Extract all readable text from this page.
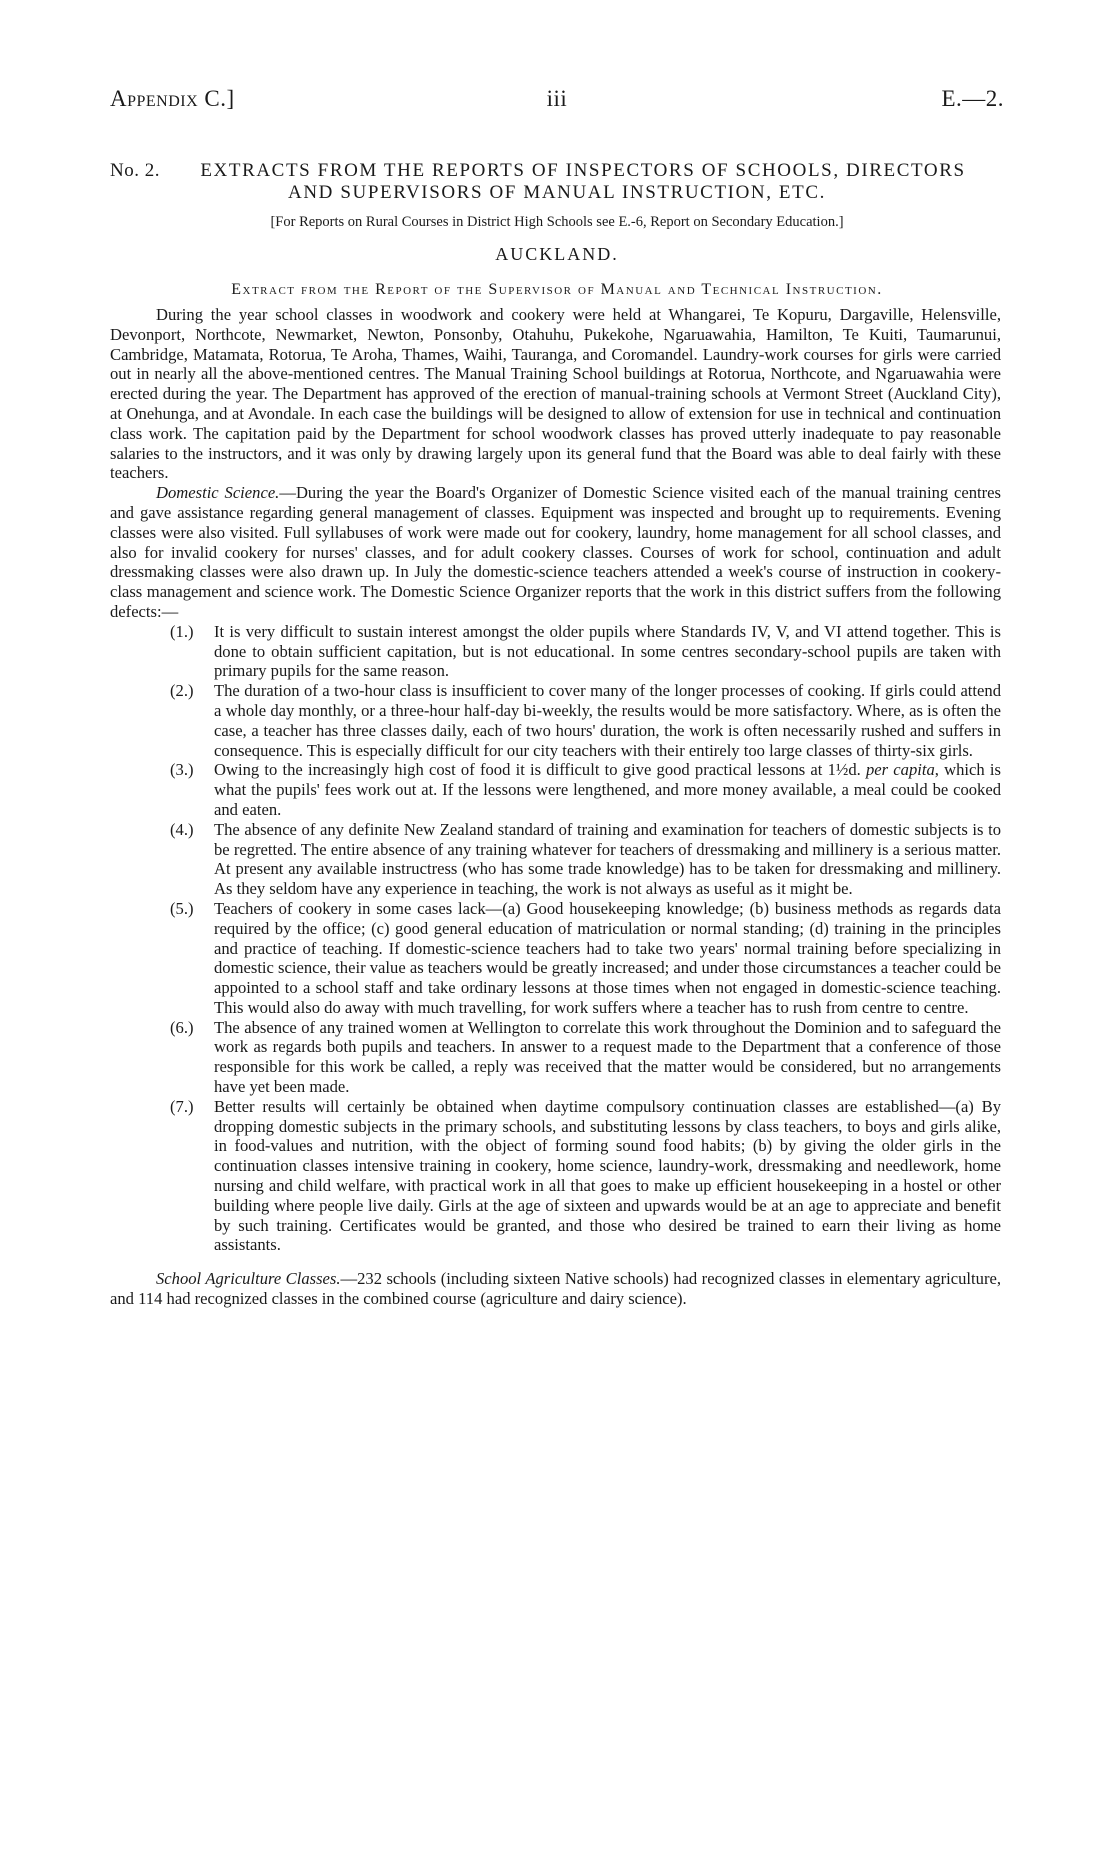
Appendix C.]	iii	E.—2.
No. 2.	EXTRACTS FROM THE REPORTS OF INSPECTORS OF SCHOOLS, DIRECTORS
AND SUPERVISORS OF MANUAL INSTRUCTION, ETC.
[For Reports on Rural Courses in District High Schools see E.-6, Report on Secondary Education.]
AUCKLAND.
Extract from the Report of the Supervisor of Manual and Technical Instruction.

During the year school classes in woodwork and cookery were held at Whangarei, Te Kopuru, Dargaville, Helensville, Devonport, Northcote, Newmarket, Newton, Ponsonby, Otahuhu, Pukekohe, Ngaruawahia, Hamilton, Te Kuiti, Taumarunui, Cambridge, Matamata, Rotorua, Te Aroha, Thames, Waihi, Tauranga, and Coromandel. Laundry-work courses for girls were carried out in nearly all the above-mentioned centres. The Manual Training School buildings at Rotorua, Northcote, and Ngaruawahia were erected during the year. The Department has approved of the erection of manual-training schools at Vermont Street (Auckland City), at Onehunga, and at Avondale. In each case the buildings will be designed to allow of extension for use in technical and continuation class work. The capitation paid by the Department for school woodwork classes has proved utterly inadequate to pay reasonable salaries to the instructors, and it was only by drawing largely upon its general fund that the Board was able to deal fairly with these teachers.

Domestic Science.—During the year the Board's Organizer of Domestic Science visited each of the manual training centres and gave assistance regarding general management of classes. Equipment was inspected and brought up to requirements. Evening classes were also visited. Full syllabuses of work were made out for cookery, laundry, home management for all school classes, and also for invalid cookery for nurses' classes, and for adult cookery classes. Courses of work for school, continuation and adult dressmaking classes were also drawn up. In July the domestic-science teachers attended a week's course of instruction in cookery-class management and science work. The Domestic Science Organizer reports that the work in this district suffers from the following defects:—

(1.) It is very difficult to sustain interest amongst the older pupils where Standards IV, V, and VI attend together. This is done to obtain sufficient capitation, but is not educational. In some centres secondary-school pupils are taken with primary pupils for the same reason.

(2.) The duration of a two-hour class is insufficient to cover many of the longer processes of cooking. If girls could attend a whole day monthly, or a three-hour half-day bi-weekly, the results would be more satisfactory. Where, as is often the case, a teacher has three classes daily, each of two hours' duration, the work is often necessarily rushed and suffers in consequence. This is especially difficult for our city teachers with their entirely too large classes of thirty-six girls.

(3.) Owing to the increasingly high cost of food it is difficult to give good practical lessons at 1½d. per capita, which is what the pupils' fees work out at. If the lessons were lengthened, and more money available, a meal could be cooked and eaten.

(4.) The absence of any definite New Zealand standard of training and examination for teachers of domestic subjects is to be regretted. The entire absence of any training whatever for teachers of dressmaking and millinery is a serious matter. At present any available instructress (who has some trade knowledge) has to be taken for dressmaking and millinery. As they seldom have any experience in teaching, the work is not always as useful as it might be.

(5.) Teachers of cookery in some cases lack—(a) Good housekeeping knowledge; (b) business methods as regards data required by the office; (c) good general education of matriculation or normal standing; (d) training in the principles and practice of teaching. If domestic-science teachers had to take two years' normal training before specializing in domestic science, their value as teachers would be greatly increased; and under those circumstances a teacher could be appointed to a school staff and take ordinary lessons at those times when not engaged in domestic-science teaching. This would also do away with much travelling, for work suffers where a teacher has to rush from centre to centre.

(6.) The absence of any trained women at Wellington to correlate this work throughout the Dominion and to safeguard the work as regards both pupils and teachers. In answer to a request made to the Department that a conference of those responsible for this work be called, a reply was received that the matter would be considered, but no arrangements have yet been made.

(7.) Better results will certainly be obtained when daytime compulsory continuation classes are established—(a) By dropping domestic subjects in the primary schools, and substituting lessons by class teachers, to boys and girls alike, in food-values and nutrition, with the object of forming sound food habits; (b) by giving the older girls in the continuation classes intensive training in cookery, home science, laundry-work, dressmaking and needlework, home nursing and child welfare, with practical work in all that goes to make up efficient housekeeping in a hostel or other building where people live daily. Girls at the age of sixteen and upwards would be at an age to appreciate and benefit by such training. Certificates would be granted, and those who desired be trained to earn their living as home assistants.

School Agriculture Classes.—232 schools (including sixteen Native schools) had recognized classes in elementary agriculture, and 114 had recognized classes in the combined course (agriculture and dairy science).
